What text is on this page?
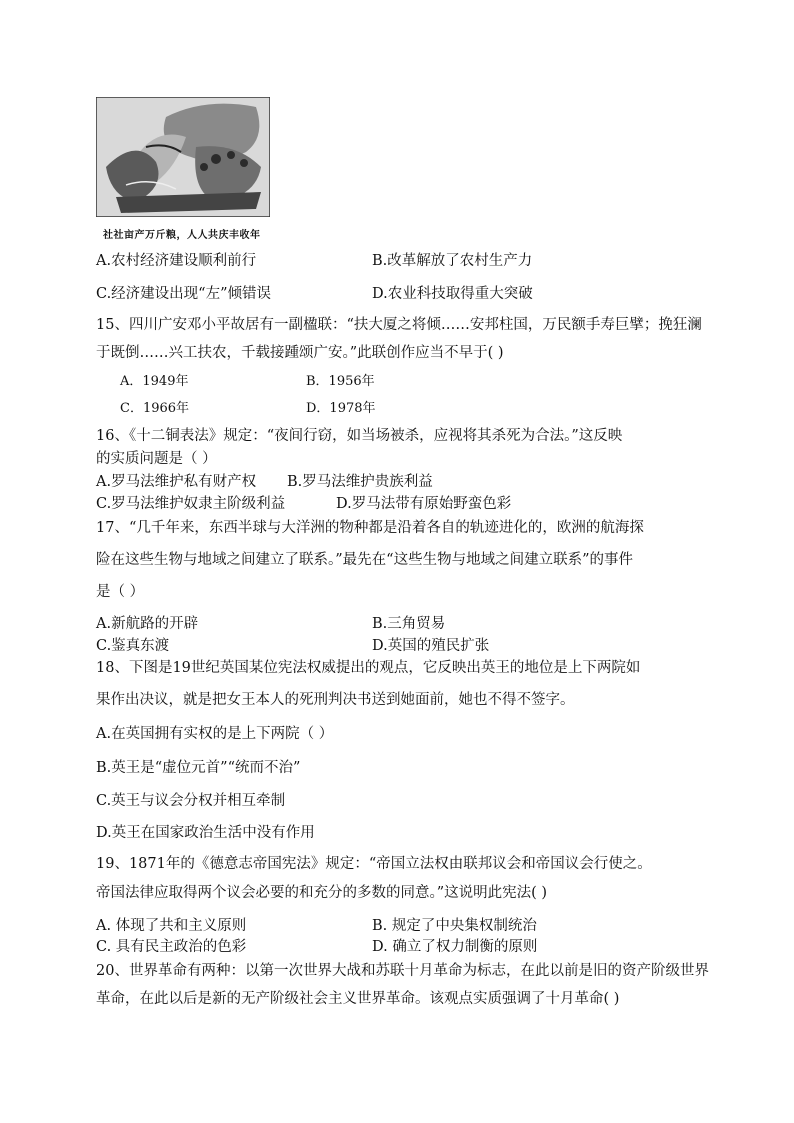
社社亩产万斤粮，人人共庆丰收年
A.农村经济建设顺利前行	B.改革解放了农村生产力
C.经济建设出现“左”倾错误	D.农业科技取得重大突破
15、四川广安邓小平故居有一副楹联：“扶大厦之将倾……安邦柱国，万民额手寿巨擘；挽狂澜
于既倒……兴工扶农，千载接踵颂广安。”此联创作应当不早于( )
A．1949年	B．1956年
C．1966年	D．1978年
16、《十二铜表法》规定：“夜间行窃，如当场被杀，应视将其杀死为合法。”这反映
的实质问题是（ ）
A.罗马法维护私有财产权 B.罗马法维护贵族利益
C.罗马法维护奴隶主阶级利益	D.罗马法带有原始野蛮色彩
17、“几千年来，东西半球与大洋洲的物种都是沿着各自的轨迹进化的，欧洲的航海探
险在这些生物与地域之间建立了联系。”最先在“这些生物与地域之间建立联系”的事件
是（ ）
A.新航路的开辟	B.三角贸易
C.鉴真东渡	D.英国的殖民扩张
18、下图是19世纪英国某位宪法权威提出的观点，它反映出英王的地位是上下两院如
果作出决议，就是把女王本人的死刑判决书送到她面前，她也不得不签字。
A.在英国拥有实权的是上下两院（ ）
B.英王是“虚位元首”“统而不治”
C.英王与议会分权并相互牵制
D.英王在国家政治生活中没有作用
19、1871年的《德意志帝国宪法》规定：“帝国立法权由联邦议会和帝国议会行使之。
帝国法律应取得两个议会必要的和充分的多数的同意。”这说明此宪法( )
A. 体现了共和主义原则	B. 规定了中央集权制统治
C. 具有民主政治的色彩	D. 确立了权力制衡的原则
20、世界革命有两种：以第一次世界大战和苏联十月革命为标志，在此以前是旧的资产阶级世界
革命，在此以后是新的无产阶级社会主义世界革命。该观点实质强调了十月革命( )
